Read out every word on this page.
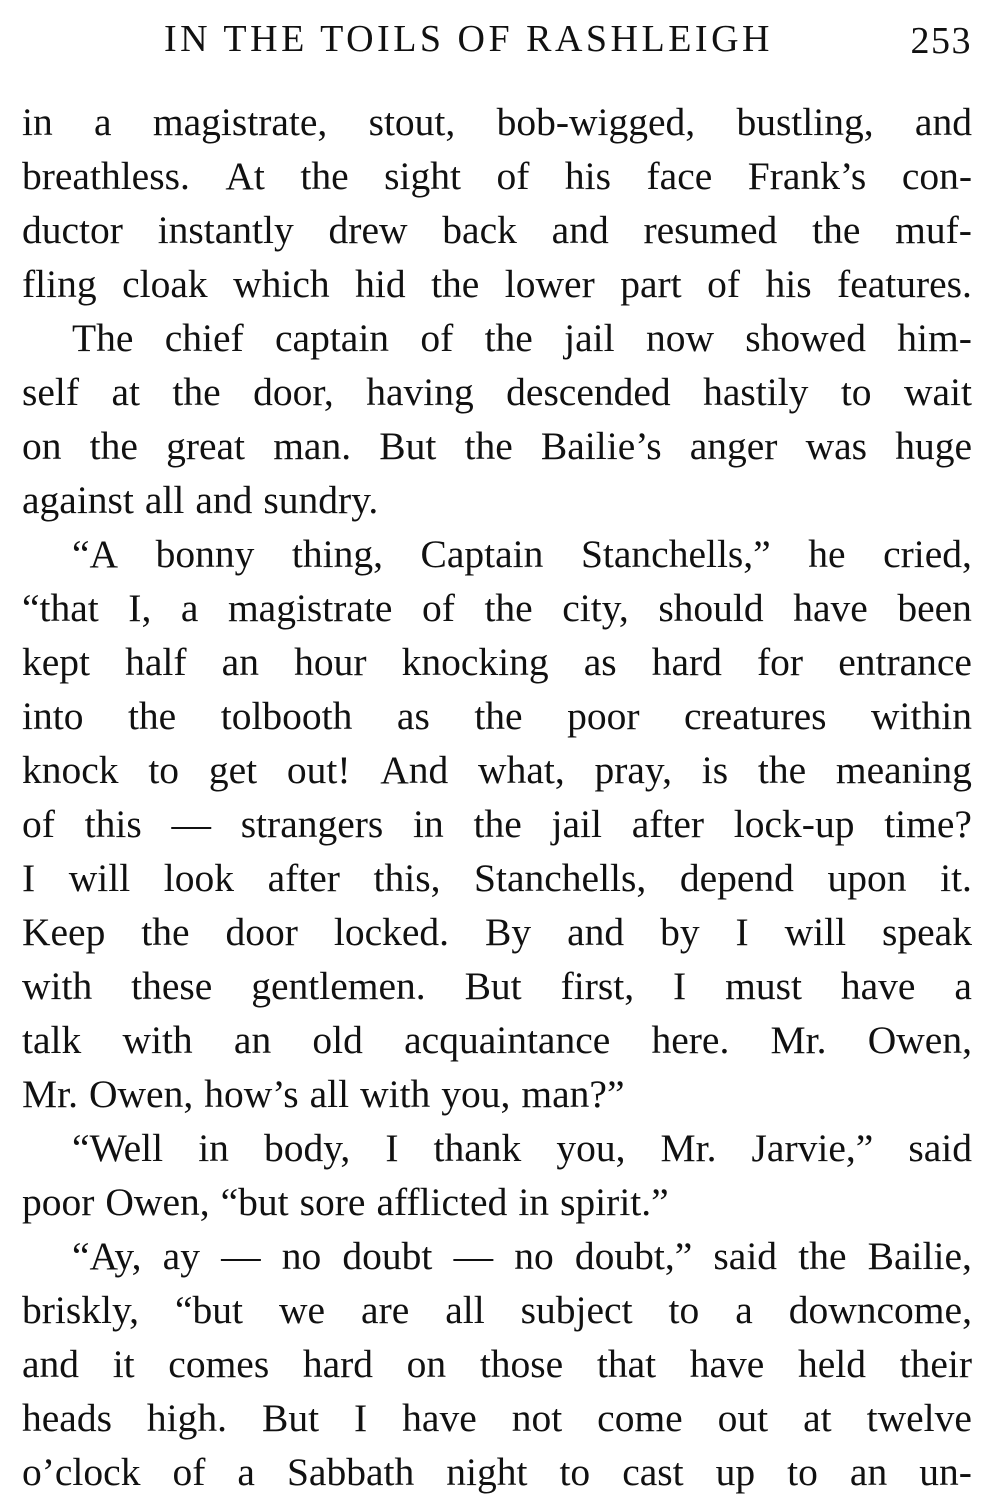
IN THE TOILS OF RASHLEIGH	253
in a magistrate, stout, bob-wigged, bustling, and
breathless. At the sight of his face Frank’s con-
ductor instantly drew back and resumed the muf-
fling cloak which hid the lower part of his features.
The chief captain of the jail now showed him-
self at the door, having descended hastily to wait
on the great man. But the Bailie’s anger was huge
against all and sundry.
“A bonny thing, Captain Stanchells,” he cried,
“that I, a magistrate of the city, should have been
kept half an hour knocking as hard for entrance
into the tolbooth as the poor creatures within
knock to get out! And what, pray, is the meaning
of this — strangers in the jail after lock-up time?
I will look after this, Stanchells, depend upon it.
Keep the door locked. By and by I will speak
with these gentlemen. But first, I must have a
talk with an old acquaintance here. Mr. Owen,
Mr. Owen, how’s all with you, man?”
“Well in body, I thank you, Mr. Jarvie,” said
poor Owen, “but sore afflicted in spirit.”
“Ay, ay — no doubt — no doubt,” said the Bailie,
briskly, “but we are all subject to a downcome,
and it comes hard on those that have held their
heads high. But I have not come out at twelve
o’clock of a Sabbath night to cast up to an un-
